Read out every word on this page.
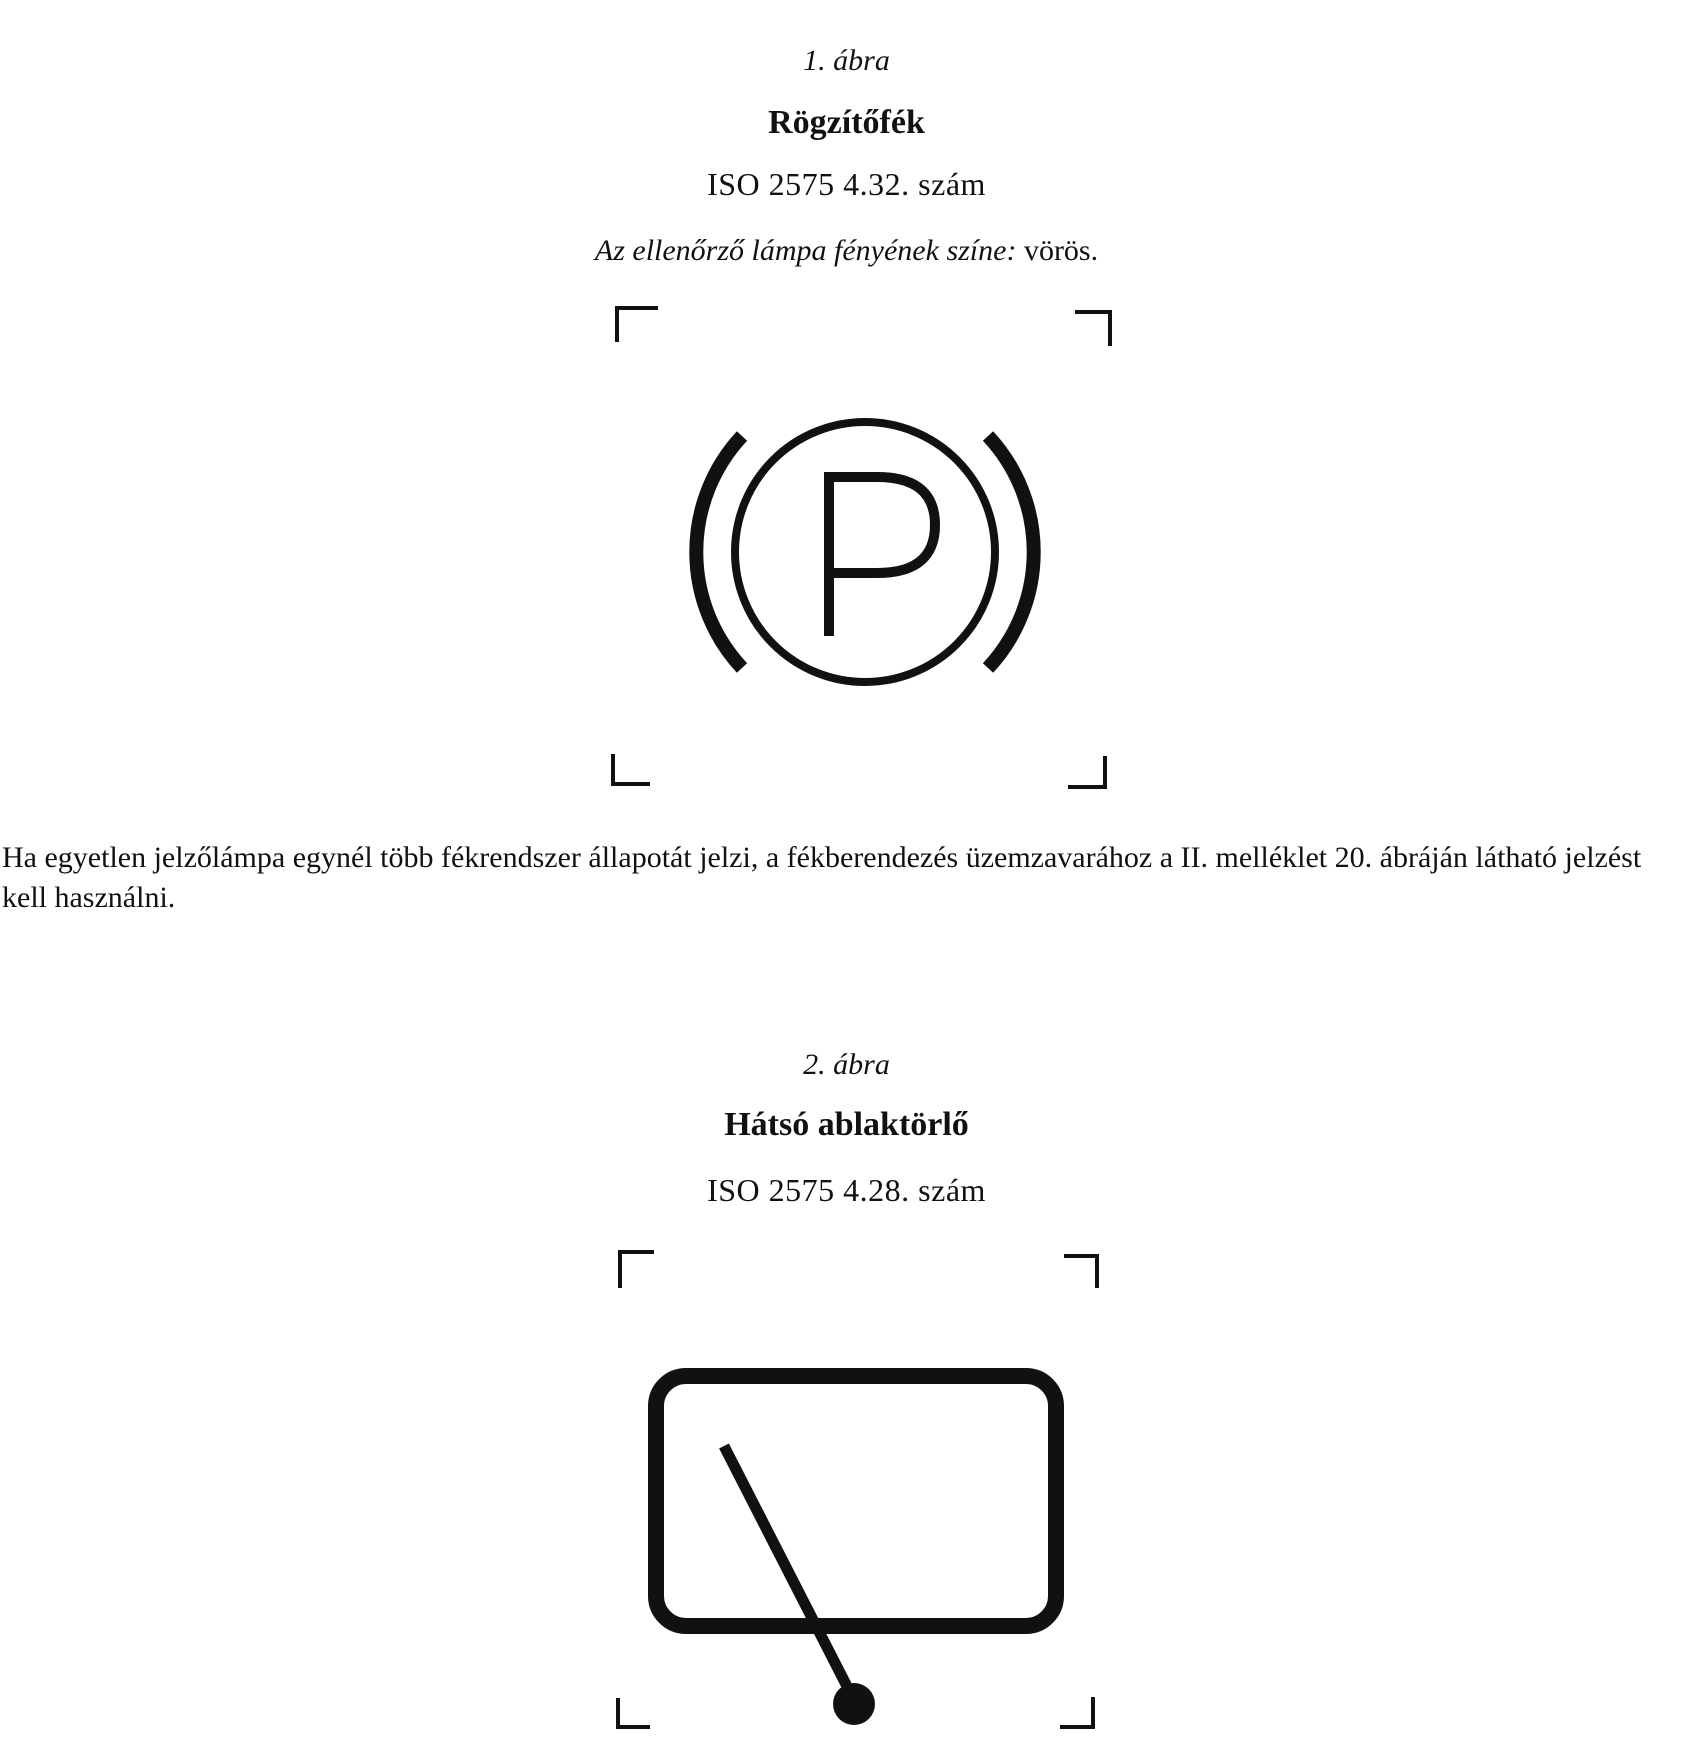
1. ábra
Rögzítőfék
ISO 2575 4.32. szám
Az ellenőrző lámpa fényének színe: vörös.
Ha egyetlen jelzőlámpa egynél több fékrendszer állapotát jelzi, a fékberendezés üzemzavarához a II. melléklet 20. ábráján látható jelzést kell használni.
2. ábra
Hátsó ablaktörlő
ISO 2575 4.28. szám
